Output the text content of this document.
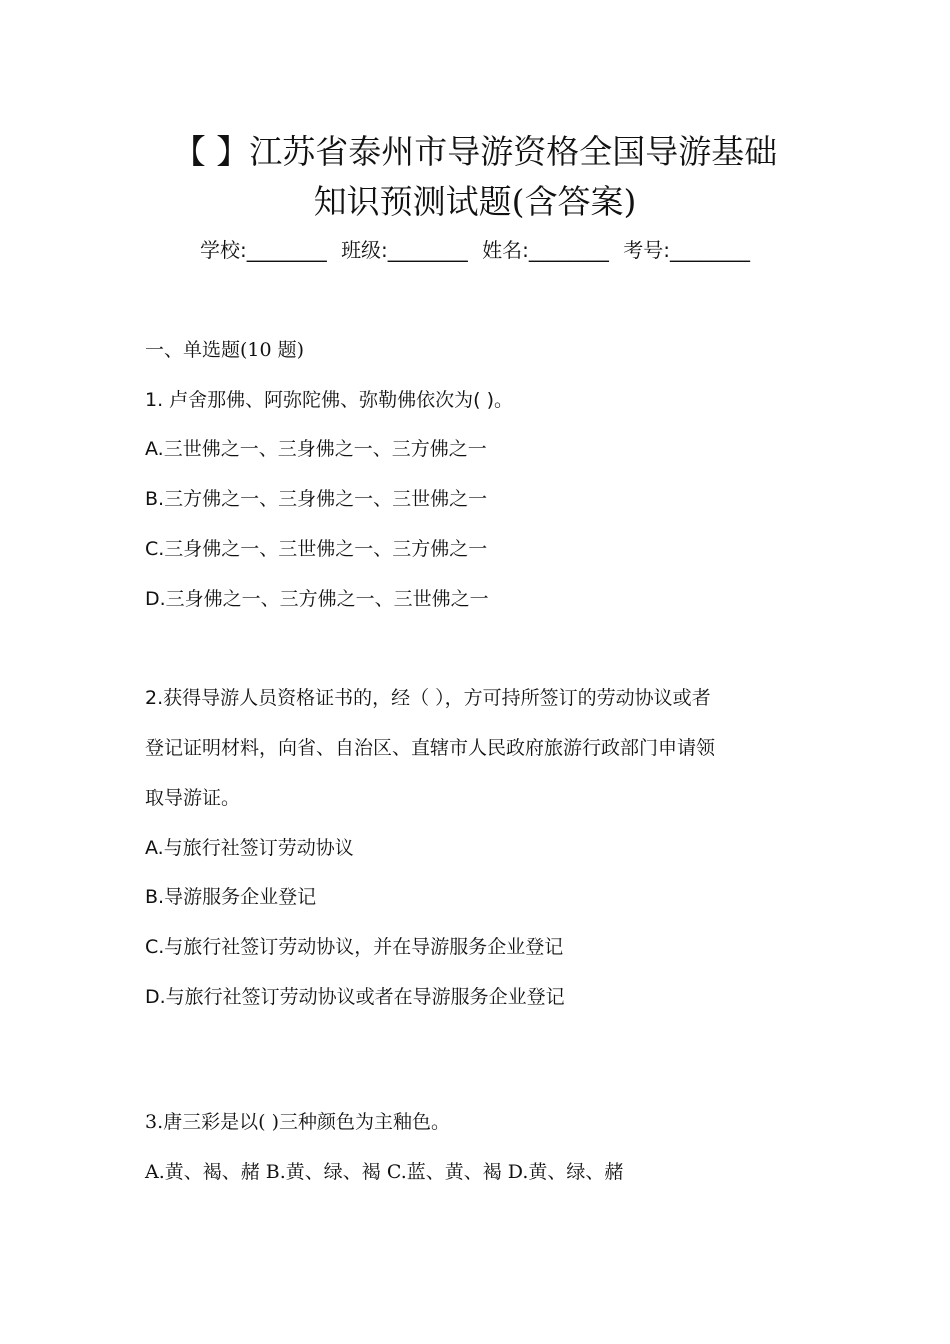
【 】江苏省泰州市导游资格全国导游基础
知识预测试题(含答案)
学校:________ 班级:________ 姓名:________ 考号:________
一、单选题(10 题)
1. 卢舍那佛、阿弥陀佛、弥勒佛依次为( )。
A.三世佛之一、三身佛之一、三方佛之一
B.三方佛之一、三身佛之一、三世佛之一
C.三身佛之一、三世佛之一、三方佛之一
D.三身佛之一、三方佛之一、三世佛之一
2.获得导游人员资格证书的，经（ ），方可持所签订的劳动协议或者
登记证明材料，向省、自治区、直辖市人民政府旅游行政部门申请领
取导游证。
A.与旅行社签订劳动协议
B.导游服务企业登记
C.与旅行社签订劳动协议，并在导游服务企业登记
D.与旅行社签订劳动协议或者在导游服务企业登记
3.唐三彩是以( )三种颜色为主釉色。
A.黄、褐、赭 B.黄、绿、褐 C.蓝、黄、褐 D.黄、绿、赭
